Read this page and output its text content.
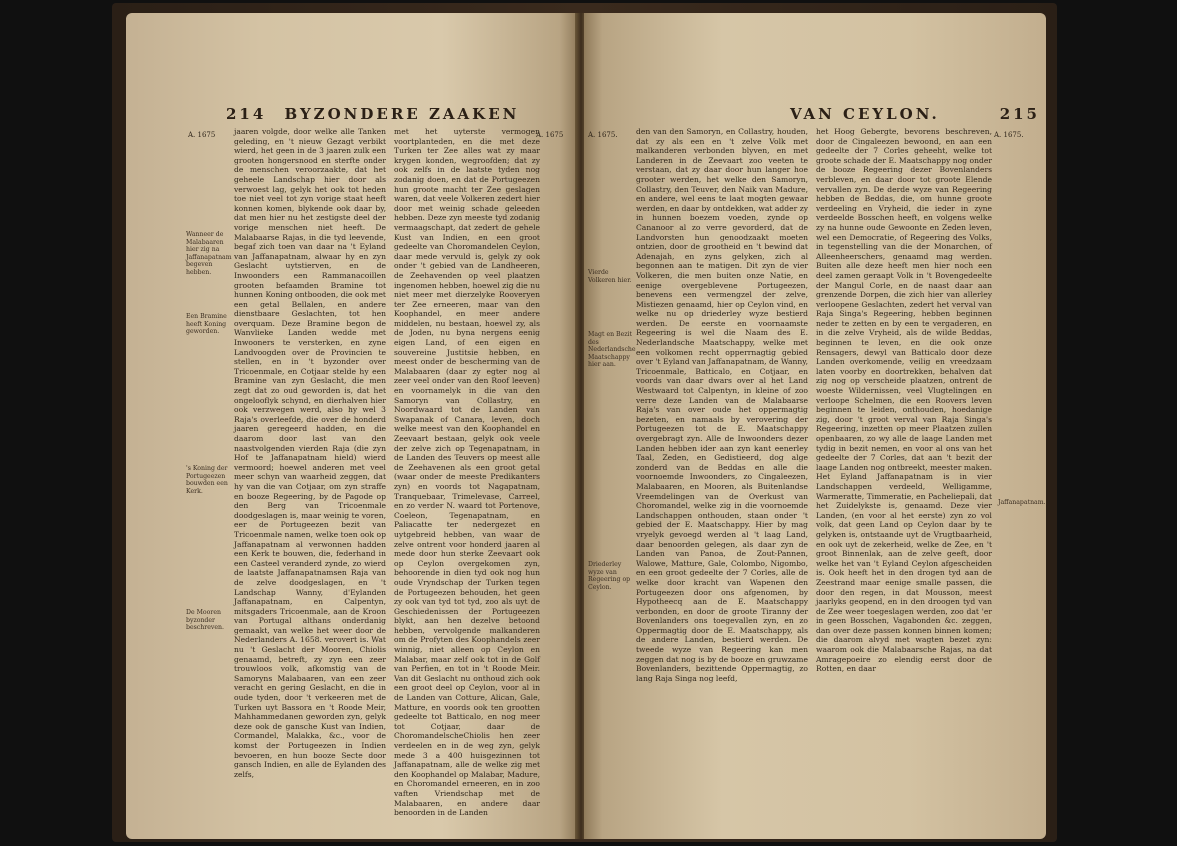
214 BYZONDERE ZAAKEN
A. 1675	A. 1675
Wanneer de Malabaaren hier zig na Jaffanapatnam begeven hebben.
Een Bramine heeft Koning geworden.
's Koning der Portugeezen bouwden een Kerk.
De Mooren byzonder beschreven.
jaaren volgde, door welke alle Tanken geleding, en 't nieuw Gezagt verbikt wierd, het geen in de 3 jaaren zulk een grooten hongersnood en sterfte onder de menschen veroorzaakte, dat het geheele Landschap hier door als verwoest lag, gelyk het ook tot heden toe niet veel tot zyn vorige staat heeft konnen komen, blykende ook daar by, dat men hier nu het zestigste deel der vorige menschen niet heeft. De Malabaarse Rajas, in die tyd leevende, begaf zich toen van daar na 't Eyland van Jaffanapatnam, alwaar hy en zyn Geslacht uytstierven, en de Inwoonders een Rammanacoillen grooten befaamden Bramine tot hunnen Koning ontbooden, die ook met een getal Bellalen, en andere dienstbaare Geslachten, tot hen overquam. Deze Bramine begon de Wanvlieke Landen wedde met Inwooners te versterken, en zyne Landvoogden over de Provincien te stellen, en in 't byzonder over Tricoenmale, en Cotjaar stelde hy een Bramine van zyn Geslacht, die men zegt dat zo oud geworden is, dat het ongelooflyk schynd, en dierhalven hier ook verzwegen werd, also hy wel 3 Raja's overleefde, die over de honderd jaaren geregeerd hadden, en die daarom door last van den naastvolgenden vierden Raja (die zyn Hof te Jaffanapatnam hield) wierd vermoord; hoewel anderen met veel meer schyn van waarheid zeggen, dat hy van die van Cotjaar, om zyn straffe en booze Regeering, by de Pagode op den Berg van Tricoenmale doodgeslagen is, maar weinig te voren, eer de Portugeezen bezit van Tricoenmale namen, welke toen ook op Jaffanapatnam al verwonnen hadden een Kerk te bouwen, die, federhand in een Casteel veranderd zynde, zo wierd de laatste Jaffanapatnamsen Raja van de zelve doodgeslagen, en 't Landschap Wanny, d'Eylanden Jaffanapatnam, en Calpentyn, mitsgaders Tricoenmale, aan de Kroon van Portugal althans onderdanig gemaakt, van welke het weer door de Nederlanders A. 1658. verovert is. Wat nu 't Geslacht der Mooren, Chiolis genaamd, betreft, zy zyn een zeer trouwloos volk, afkomstig van de Samoryns Malabaaren, van een zeer veracht en gering Geslacht, en die in oude tyden, door 't verkeeren met de Turken uyt Bassora en 't Roode Meir, Mahhammedanen geworden zyn, gelyk deze ook de gansche Kust van Indien, Cormandel, Malakka, &c., voor de komst der Portugeezen in Indien bevoeren, en hun booze Secte door gansch Indien, en alle de Eylanden des zelfs,
met het uyterste vermogen voortplanteden, en die met deze Turken ter Zee alles wat zy maar krygen konden, wegroofden; dat zy ook zelfs in de laatste tyden nog zodanig doen, en dat de Portugeezen hun groote macht ter Zee geslagen waren, dat veele Volkeren zedert hier door met weinig schade geleeden hebben. Deze zyn meeste tyd zodanig vermaagschapt, dat zedert de gehele Kust van Indien, en een groot gedeelte van Choromandelen Ceylon, daar mede vervuld is, gelyk zy ook onder 't gebied van de Landheeren, de Zeehavenden op veel plaatzen ingenomen hebben, hoewel zig die nu niet meer met dierzelyke Rooveryen ter Zee erneeren, maar van den Koophandel, en meer andere middelen, nu bestaan, hoewel zy, als de Joden, nu byna nergens eenig eigen Land, of een eigen en souvereine Justitsie hebben, en meest onder de bescherming van de Malabaaren (daar zy egter nog al zeer veel onder van den Roof leeven) en voornamelyk in die van den Samoryn van Collastry, en Noordwaard tot de Landen van Swapanak of Canara, leven, doch welke meest van den Koophandel en Zeevaart bestaan, gelyk ook veele der zelve zich op Tegenapatnam, in de Landen des Teuvers op meest alle de Zeehavenen als een groot getal (waar onder de meeste Predikanters zyn) en voords tot Nagapatnam, Tranquebaar, Trimelevase, Carreel, en zo verder N. waard tot Portenove, Coeleon, Tegenapatnam, en Paliacatte ter nedergezet en uytgebreid hebben, van waar de zelve ontrent voor honderd jaaren al mede door hun sterke Zeevaart ook op Ceylon overgekomen zyn, behoorende in dien tyd ook nog hun oude Vryndschap der Turken tegen de Portugeezen behouden, het geen zy ook van tyd tot tyd, zoo als uyt de Geschiedenissen der Portugeezen blykt, aan hen dezelve betoond hebben, vervolgende malkanderen om de Profyten des Koophandels zeer winnig, niet alleen op Ceylon en Malabar, maar zelf ook tot in de Golf van Perfien, en tot in 't Roode Meir. Van dit Geslacht nu onthoud zich ook een groot deel op Ceylon, voor al in de Landen van Cotture, Alican, Gale, Matture, en voords ook ten grootten gedeelte tot Batticalo, en nog meer tot Cotjaar, daar de ChoromandelscheChiolis hen zeer verdeelen en in de weg zyn, gelyk mede 3 a 400 huisgezinnen tot Jaffanapatnam, alle de welke zig met den Koophandel op Malabar, Madure, en Choromandel erneeren, en in zoo vaften Vriendschap met de Malabaaren, en andere daar benoorden in de Landen
VAN CEYLON.	215
A. 1675.	A. 1675.
Vierde Volkeren hier.
Magt en Bezit des Nederlandsche Maatschappy hier aan.
Driederley wyze van Regeering op Ceylon.
Jaffanapatnam.
den van den Samoryn, en Collastry, houden, dat zy als een en 't zelve Volk met malkanderen verbonden blyven, en met Landeren in de Zeevaart zoo veeten te verstaan, dat zy daar door hun langer hoe grooter werden, het welke den Samoryn, Collastry, den Teuver, den Naik van Madure, en andere, wel eens te laat mogten gewaar werden, en daar by ontdekken, wat adder zy in hunnen boezem voeden, zynde op Cananoor al zo verre gevorderd, dat de Landvorsten hun genoodzaakt moeten ontzien, door de grootheid en 't bewind dat Adenajah, en zyns gelyken, zich al begonnen aan te matigen. Dit zyn de vier Volkeren, die men buiten onze Natie, en eenige overgeblevene Portugeezen, benevens een vermengzel der zelve, Mistiezen genaamd, hier op Ceylon vind, en welke nu op driederley wyze bestierd werden. De eerste en voornaamste Regeering is wel die Naam des E. Nederlandsche Maatschappy, welke met een volkomen recht opperrnagtig gebied over 't Eyland van Jaffanapatnam, de Wanny, Tricoenmale, Batticalo, en Cotjaar, en voords van daar dwars over al het Land Westwaard tot Calpentyn, in kleine of zoo verre deze Landen van de Malabaarse Raja's van over oude het oppermagtig bezeten, en namaals by verovering der Portugeezen tot de E. Maatschappy overgebragt zyn. Alle de Inwoonders dezer Landen hebben ider aan zyn kant eenerley Taal, Zeden, en Gedistieerd, dog alge zonderd van de Beddas en alle die voornoemde Inwoonders, zo Cingaleezen, Malabaaren, en Mooren, als Buitenlandse Vreemdelingen van de Overkust van Choromandel, welke zig in die voornoemde Landschappen onthouden, staan onder 't gebied der E. Maatschappy. Hier by mag vryelyk gevoegd werden al 't laag Land, daar benoorden gelegen, als daar zyn de Landen van Panoa, de Zout-Pannen, Walowe, Matture, Gale, Colombo, Nigombo, en een groot gedeelte der 7 Corles, alle de welke door kracht van Wapenen den Portugeezen door ons afgenomen, by Hypotheecq aan de E. Maatschappy verbonden, en door de groote Tiranny der Bovenlanders ons toegevallen zyn, en zo Oppermagtig door de E. Maatschappy, als de andere Landen, bestierd werden. De tweede wyze van Regeering kan men zeggen dat nog is by de booze en gruwzame Bovenlanders, bezittende Oppermagtig, zo lang Raja Singa nog leefd,
het Hoog Gebergte, bevorens beschreven, door de Cingaleezen bewoond, en aan een gedeelte der 7 Corles geheeht, welke tot groote schade der E. Maatschappy nog onder de booze Regeering dezer Bovenlanders verbleven, en daar door tot groote Elende vervallen zyn. De derde wyze van Regeering hebben de Beddas, die, om hunne groote verdeeling en Vryheid, die ieder in zyne verdeelde Bosschen heeft, en volgens welke zy na hunne oude Gewoonte en Zeden leven, wel een Democratie, of Regeering des Volks, in tegenstelling van die der Monarchen, of Alleenheerschers, genaamd mag werden. Buiten alle deze heeft men hier noch een deel zamen geraapt Volk in 't Bovengedeelte der Mangul Corle, en de naast daar aan grenzende Dorpen, die zich hier van allerley verloopene Geslachten, zedert het verval van Raja Singa's Regeering, hebben beginnen neder te zetten en by een te vergaderen, en in die zelve Vryheid, als de wilde Beddas, beginnen te leven, en die ook onze Rensagers, dewyl van Batticalo door deze Landen overkomende, veilig en vreedzaam laten voorby en doortrekken, behalven dat zig nog op verscheide plaatzen, ontrent de woeste Wildernissen, veel Vlugtelingen en verloope Schelmen, die een Roovers leven beginnen te leiden, onthouden, hoedanige zig, door 't groot verval van Raja Singa's Regeering, inzetten op meer Plaatzen zullen openbaaren, zo wy alle de laage Landen met tydig in bezit nemen, en voor al ons van het gedeelte der 7 Corles, dat aan 't bezit der laage Landen nog ontbreekt, meester maken. Het Eyland Jaffanapatnam is in vier Landschappen verdeeld, Welligamme, Warmeratte, Timmeratie, en Pacheliepali, dat het Zuidelykste is, genaamd. Deze vier Landen, (en voor al het eerste) zyn zo vol volk, dat geen Land op Ceylon daar by te gelyken is, ontstaande uyt de Vrugtbaarheid, en ook uyt de zekerheid, welke de Zee, en 't groot Binnenlak, aan de zelve geeft, door welke het van 't Eyland Ceylon afgescheiden is. Ook heeft het in den drogen tyd aan de Zeestrand maar eenige smalle passen, die door den regen, in dat Mousson, meest jaarlyks geopend, en in den droogen tyd van de Zee weer toegeslagen werden, zoo dat 'er in geen Bosschen, Vagabonden &c. zeggen, dan over deze passen konnen binnen komen; die daarom alvyd met wagten bezet zyn: waarom ook die Malabaarsche Rajas, na dat Amragepoeire zo elendig eerst door de Rotten, en daar
